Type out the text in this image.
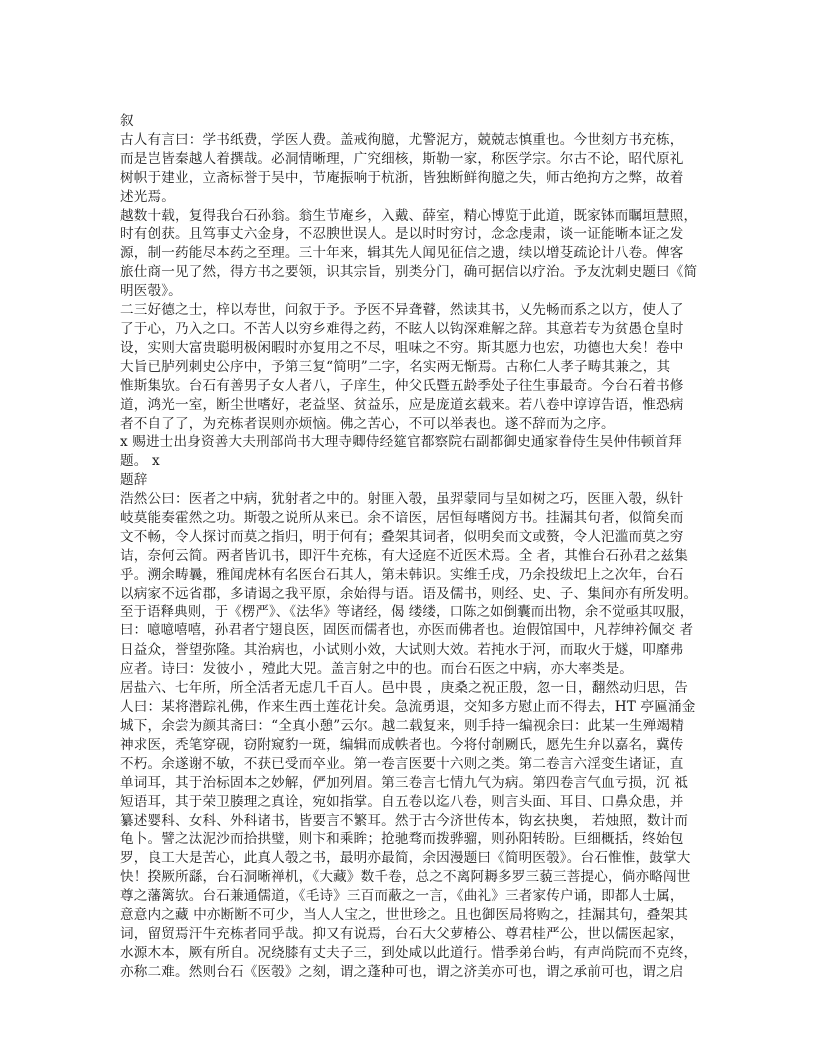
叙
古人有言曰：学书纸费，学医人费。盖戒徇臆，尤警泥方，兢兢志慎重也。今世刻方书充栋，
而是岂皆秦越人着撰哉。必洞情晰理，广究细核，斯勒一家，称医学宗。尔古不论，昭代原礼
树帜于建业，立斋标誉于吴中，节庵振响于杭浙，皆独断鲜徇臆之失，师古绝拘方之弊，故着
述光焉。
越数十载，复得我台石孙翁。翁生节庵乡，入戴、薛室，精心博览于此道，既家钵而瞩垣慧照，
时有创获。且笃事丈六金身，不忍腴世误人。是以时时穷讨，念念虔肃，谈一证能晰本证之发
源，制一药能尽本药之至理。三十年来，辑其先人闻见征信之遗，续以增芟疏论计八卷。俾客
旅仕商一见了然，得方书之要领，识其宗旨，别类分门，确可据信以疗治。予友沈刺史题曰《简
明医彀》。
二三好德之士，梓以寿世，问叙于予。予医不异聋瞽，然读其书，乂先畅而系之以方，使人了
了于心，乃入之口。不苦人以穷乡难得之药，不眩人以钩深难解之辞。其意若专为贫愚仓皇时
设，实则大富贵聪明极闲暇时亦复用之不尽，咀味之不穷。斯其愿力也宏，功德也大矣！卷中
大旨已胪列刺史公序中，予第三复“简明”二字，名实两无惭焉。古称仁人孝子畴其兼之，其
惟斯集欤。台石有善男子女人者八，子庠生，仲父氏暨五龄季处子往生事最奇。今台石着书修
道，鸿光一室，断尘世嗜好，老益坚、贫益乐，应是庞道玄载来。若八卷中谆谆告语，惟恐病
者不自了了，为充栋者误则亦烦恼。佛之苦心，不可以举表也。遂不辞而为之序。
x 赐进士出身资善大夫刑部尚书大理寺卿侍经筵官都察院右副都御史通家眷侍生吴仲伟顿首拜
题。 x
题辞
浩然公曰：医者之中病，犹射者之中的。射匪入彀，虽羿蒙同与呈如树之巧，医匪入彀，纵针
岐莫能奏霍然之功。斯彀之说所从来已。余不谙医，居恒每嗜阅方书。挂漏其句者，似简矣而
文不畅，令人探讨而莫之指归，明于何有；叠架其词者，似明矣而文或赘，令人汜滥而莫之穷
诘，奈何云简。两者皆讥书，即汗牛充栋，有大迳庭不近医术焉。全 者，其惟台石孙君之兹集
乎。溯余畴曩，雅闻虎林有名医台石其人，第未韩识。实维壬戌，乃余投绂圯上之次年，台石
以病家不远省郡，多请谒之我平原，余始得与语。语及儒书，则经、史、子、集间亦有所发明。
至于语释典则，于《楞严》、《法华》等诸经，偈 缕缕，口陈之如倒囊而出物，余不觉亟其叹服，
曰：噫噫嘻嘻，孙君者宁翅良医，固医而儒者也，亦医而佛者也。迨假馆国中，凡荐绅衿佩交 者
日益众，誉望弥隆。其治病也，小试则小效，大试则大效。若扽水于河，而取火于燧，叩靡弗
应者。诗曰：发彼小 ，殪此大兕。盖言射之中的也。而台石医之中病，亦大率类是。
居盐六、七年所，所全活者无虑几千百人。邑中畏 ，庚桑之祝正殷，忽一日，翻然动归思，告
人曰：某将潜踪礼佛，作来生西土莲花计矣。急流勇退，交知多方慰止而不得去，HT 亭匾涌金
城下，余尝为颜其斋曰：“全真小憩”云尔。越二载复来，则手持一编视余曰：此某一生殚竭精
神求医，秃笔穿砚，窃附窥豹一斑，编辑而成帙者也。今将付剞劂氏，愿先生弁以嘉名，冀传
不朽。余遂谢不敏，不获已受而卒业。第一卷言医要十六则之类。第二卷言六淫变生诸证，直
单词耳，其于治标固本之妙解，俨加列眉。第三卷言七情九气为病。第四卷言气血亏损，沉 祗
短语耳，其于荣卫腠理之真诠，宛如指掌。自五卷以迄八卷，则言头面、耳目、口鼻众患，并
纂述婴科、女科、外科诸书，皆要言不繁耳。然于古今济世传本，钩玄抉奥， 若烛照，数计而
龟卜。譬之汰泥沙而拾拱璧，则卞和乘眸；抢驰骛而拨骅骝，则孙阳转盼。巨细概括，终始包
罗，良工大是苦心，此真人彀之书，最明亦最简，余因漫题曰《简明医彀》。台石惟惟，鼓掌大
快！揆厥所繇，台石洞晰禅机，《大藏》数千卷，总之不离阿耨多罗三藐三菩提心，倘亦略闯世
尊之藩篱欤。台石兼通儒道，《毛诗》三百而蔽之一言，《曲礼》三者家传户诵，即都人士属，
意意内之藏 中亦断断不可少，当人人宝之，世世珍之。且也御医局将购之，挂漏其句，叠架其
词，留贸焉汗牛充栋者同乎哉。抑又有说焉，台石大父萝椿公、尊君桂严公，世以儒医起家，
水源木本，厥有所自。况绕膝有丈夫子三，到处咸以此道行。惜季弟台屿，有声尚院而不克终，
亦称二难。然则台石《医彀》之刻，谓之蓬种可也，谓之济美亦可也，谓之承前可也，谓之启
